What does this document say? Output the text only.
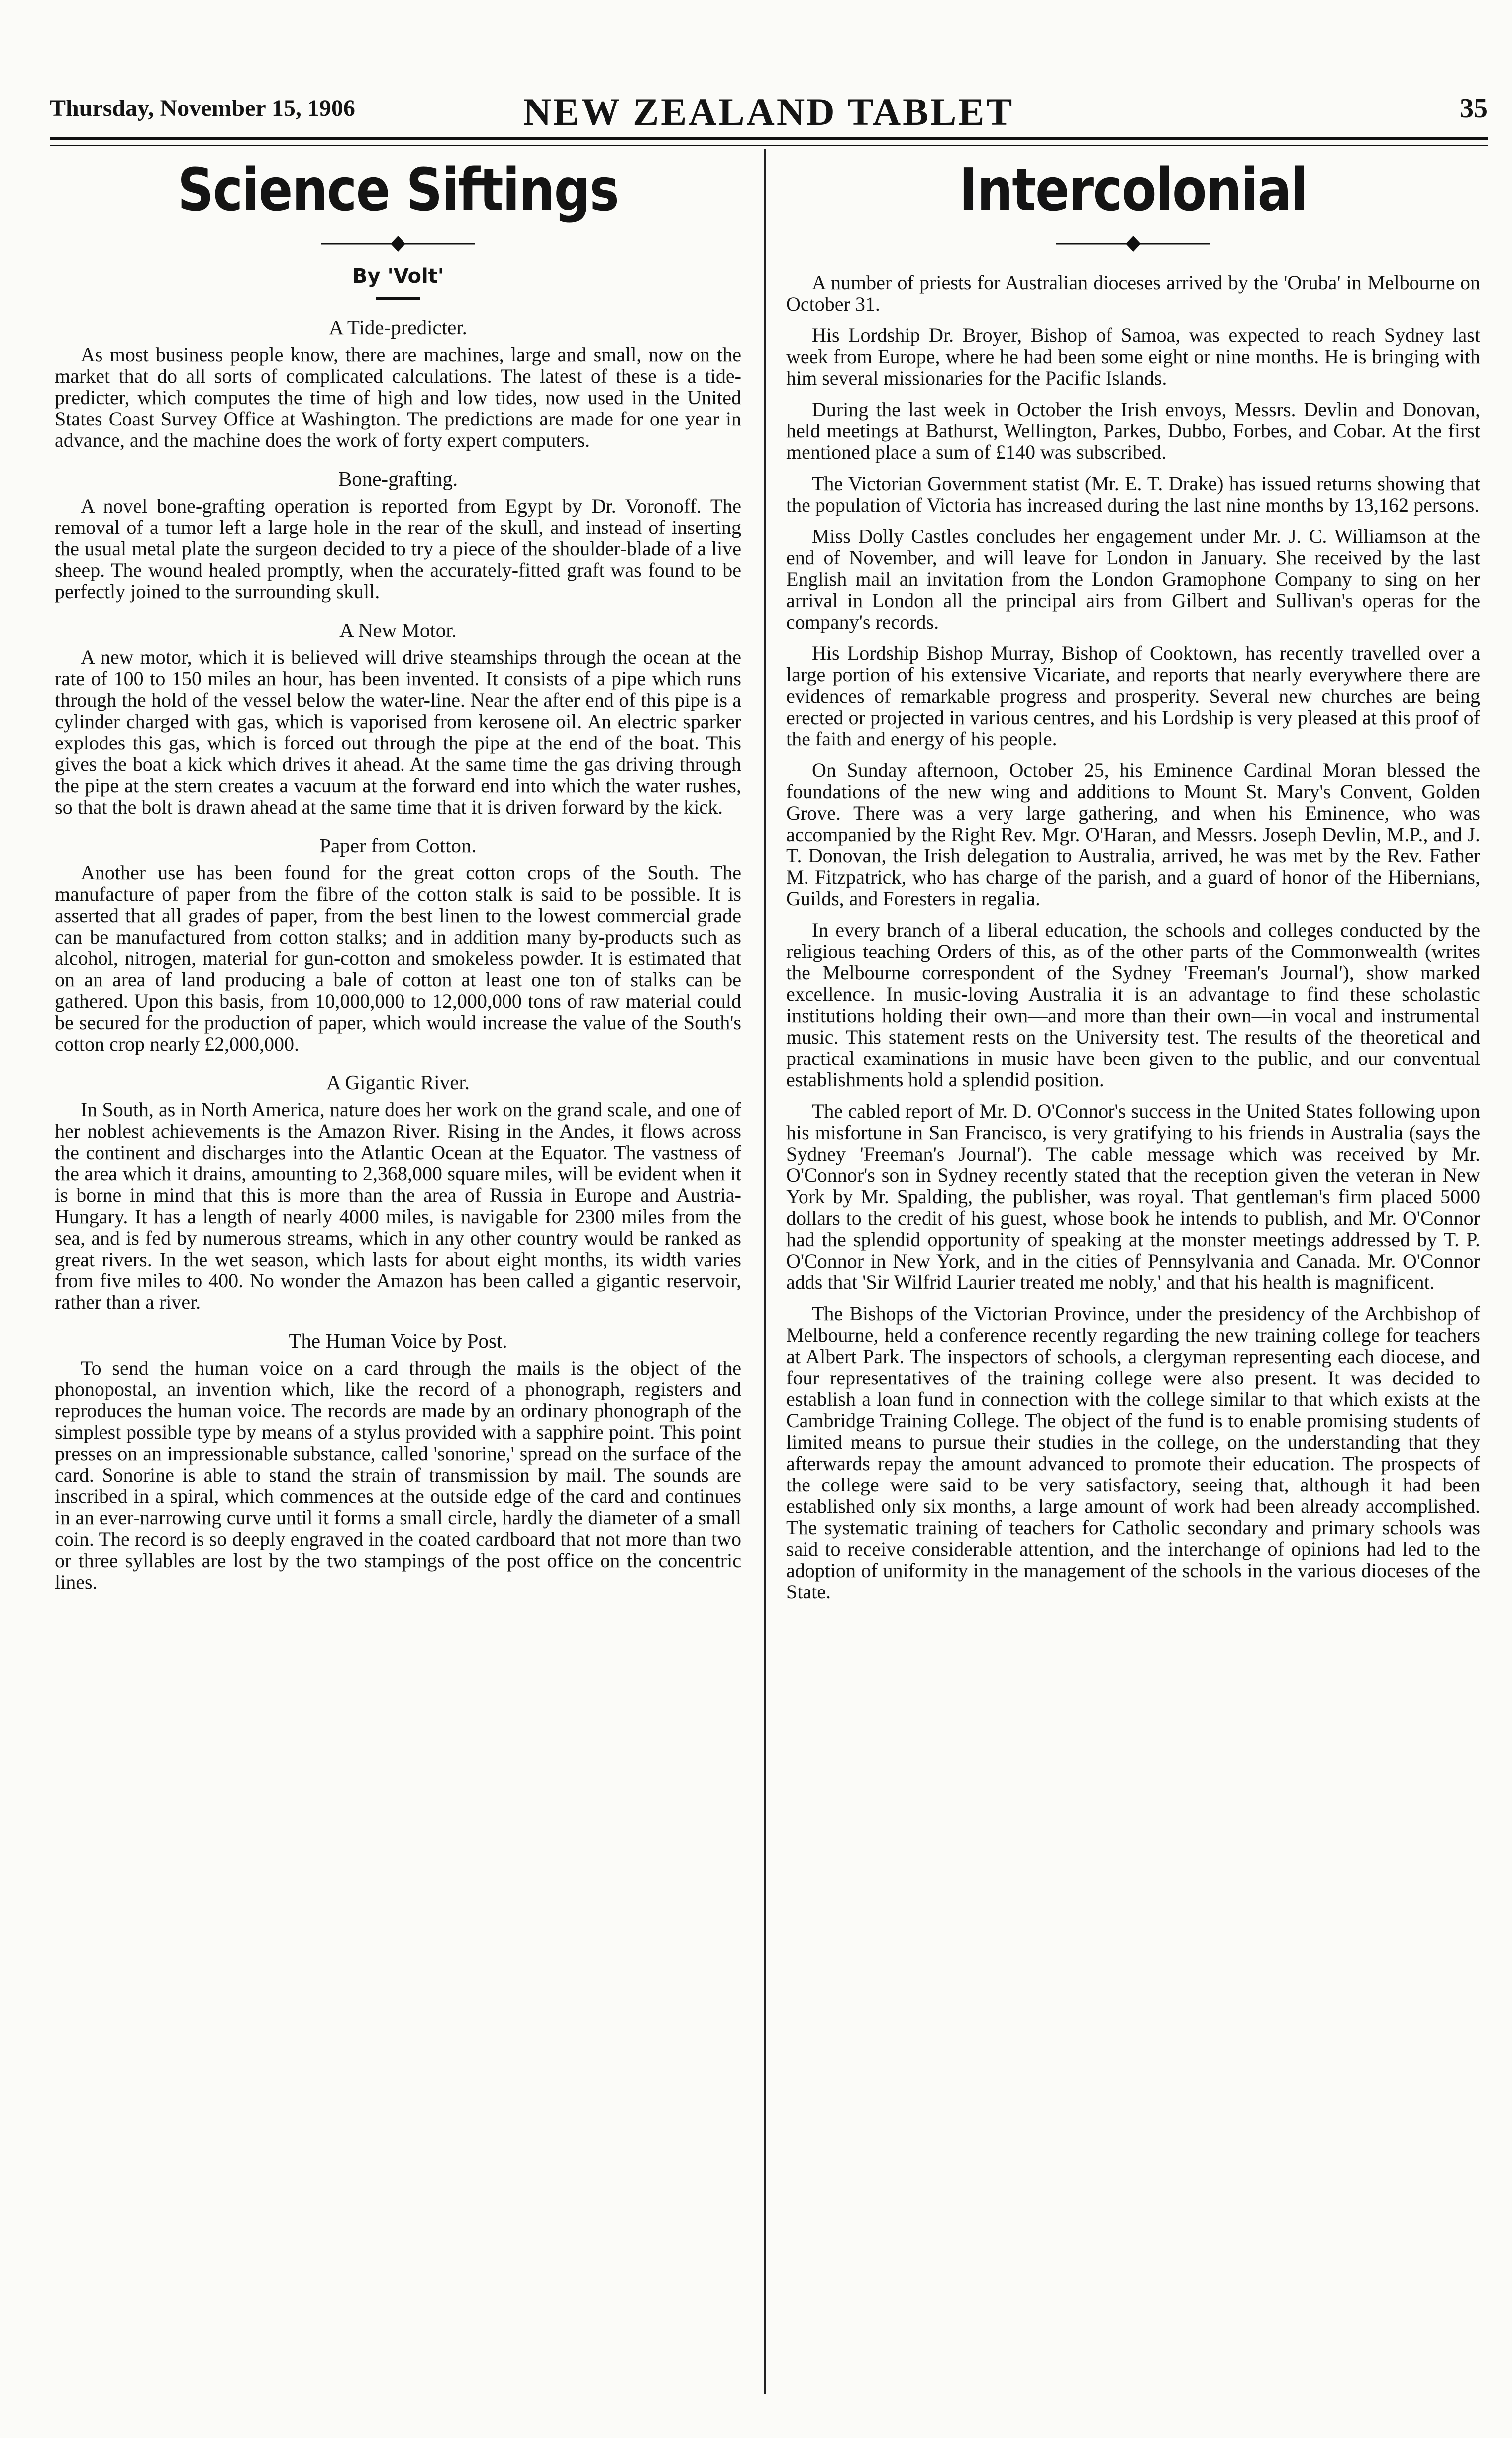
Thursday, November 15, 1906	NEW ZEALAND TABLET	35
Science Siftings
By 'Volt'
A Tide-predicter.

As most business people know, there are machines, large and small, now on the market that do all sorts of complicated calculations. The latest of these is a tide-predicter, which computes the time of high and low tides, now used in the United States Coast Survey Office at Washington. The predictions are made for one year in advance, and the machine does the work of forty expert computers.

Bone-grafting.

A novel bone-grafting operation is reported from Egypt by Dr. Voronoff. The removal of a tumor left a large hole in the rear of the skull, and instead of inserting the usual metal plate the surgeon decided to try a piece of the shoulder-blade of a live sheep. The wound healed promptly, when the accurately-fitted graft was found to be perfectly joined to the surrounding skull.

A New Motor.

A new motor, which it is believed will drive steamships through the ocean at the rate of 100 to 150 miles an hour, has been invented. It consists of a pipe which runs through the hold of the vessel below the water-line. Near the after end of this pipe is a cylinder charged with gas, which is vaporised from kerosene oil. An electric sparker explodes this gas, which is forced out through the pipe at the end of the boat. This gives the boat a kick which drives it ahead. At the same time the gas driving through the pipe at the stern creates a vacuum at the forward end into which the water rushes, so that the bolt is drawn ahead at the same time that it is driven forward by the kick.

Paper from Cotton.

Another use has been found for the great cotton crops of the South. The manufacture of paper from the fibre of the cotton stalk is said to be possible. It is asserted that all grades of paper, from the best linen to the lowest commercial grade can be manufactured from cotton stalks; and in addition many by-products such as alcohol, nitrogen, material for gun-cotton and smokeless powder. It is estimated that on an area of land producing a bale of cotton at least one ton of stalks can be gathered. Upon this basis, from 10,000,000 to 12,000,000 tons of raw material could be secured for the production of paper, which would increase the value of the South's cotton crop nearly £2,000,000.

A Gigantic River.

In South, as in North America, nature does her work on the grand scale, and one of her noblest achievements is the Amazon River. Rising in the Andes, it flows across the continent and discharges into the Atlantic Ocean at the Equator. The vastness of the area which it drains, amounting to 2,368,000 square miles, will be evident when it is borne in mind that this is more than the area of Russia in Europe and Austria-Hungary. It has a length of nearly 4000 miles, is navigable for 2300 miles from the sea, and is fed by numerous streams, which in any other country would be ranked as great rivers. In the wet season, which lasts for about eight months, its width varies from five miles to 400. No wonder the Amazon has been called a gigantic reservoir, rather than a river.

The Human Voice by Post.

To send the human voice on a card through the mails is the object of the phonopostal, an invention which, like the record of a phonograph, registers and reproduces the human voice. The records are made by an ordinary phonograph of the simplest possible type by means of a stylus provided with a sapphire point. This point presses on an impressionable substance, called 'sonorine,' spread on the surface of the card. Sonorine is able to stand the strain of transmission by mail. The sounds are inscribed in a spiral, which commences at the outside edge of the card and continues in an ever-narrowing curve until it forms a small circle, hardly the diameter of a small coin. The record is so deeply engraved in the coated cardboard that not more than two or three syllables are lost by the two stampings of the post office on the concentric lines.

Intercolonial

A number of priests for Australian dioceses arrived by the 'Oruba' in Melbourne on October 31.

His Lordship Dr. Broyer, Bishop of Samoa, was expected to reach Sydney last week from Europe, where he had been some eight or nine months. He is bringing with him several missionaries for the Pacific Islands.

During the last week in October the Irish envoys, Messrs. Devlin and Donovan, held meetings at Bathurst, Wellington, Parkes, Dubbo, Forbes, and Cobar. At the first mentioned place a sum of £140 was subscribed.

The Victorian Government statist (Mr. E. T. Drake) has issued returns showing that the population of Victoria has increased during the last nine months by 13,162 persons.

Miss Dolly Castles concludes her engagement under Mr. J. C. Williamson at the end of November, and will leave for London in January. She received by the last English mail an invitation from the London Gramophone Company to sing on her arrival in London all the principal airs from Gilbert and Sullivan's operas for the company's records.

His Lordship Bishop Murray, Bishop of Cooktown, has recently travelled over a large portion of his extensive Vicariate, and reports that nearly everywhere there are evidences of remarkable progress and prosperity. Several new churches are being erected or projected in various centres, and his Lordship is very pleased at this proof of the faith and energy of his people.

On Sunday afternoon, October 25, his Eminence Cardinal Moran blessed the foundations of the new wing and additions to Mount St. Mary's Convent, Golden Grove. There was a very large gathering, and when his Eminence, who was accompanied by the Right Rev. Mgr. O'Haran, and Messrs. Joseph Devlin, M.P., and J. T. Donovan, the Irish delegation to Australia, arrived, he was met by the Rev. Father M. Fitzpatrick, who has charge of the parish, and a guard of honor of the Hibernians, Guilds, and Foresters in regalia.

In every branch of a liberal education, the schools and colleges conducted by the religious teaching Orders of this, as of the other parts of the Commonwealth (writes the Melbourne correspondent of the Sydney 'Freeman's Journal'), show marked excellence. In music-loving Australia it is an advantage to find these scholastic institutions holding their own—and more than their own—in vocal and instrumental music. This statement rests on the University test. The results of the theoretical and practical examinations in music have been given to the public, and our conventual establishments hold a splendid position.

The cabled report of Mr. D. O'Connor's success in the United States following upon his misfortune in San Francisco, is very gratifying to his friends in Australia (says the Sydney 'Freeman's Journal'). The cable message which was received by Mr. O'Connor's son in Sydney recently stated that the reception given the veteran in New York by Mr. Spalding, the publisher, was royal. That gentleman's firm placed 5000 dollars to the credit of his guest, whose book he intends to publish, and Mr. O'Connor had the splendid opportunity of speaking at the monster meetings addressed by T. P. O'Connor in New York, and in the cities of Pennsylvania and Canada. Mr. O'Connor adds that 'Sir Wilfrid Laurier treated me nobly,' and that his health is magnificent.

The Bishops of the Victorian Province, under the presidency of the Archbishop of Melbourne, held a conference recently regarding the new training college for teachers at Albert Park. The inspectors of schools, a clergyman representing each diocese, and four representatives of the training college were also present. It was decided to establish a loan fund in connection with the college similar to that which exists at the Cambridge Training College. The object of the fund is to enable promising students of limited means to pursue their studies in the college, on the understanding that they afterwards repay the amount advanced to promote their education. The prospects of the college were said to be very satisfactory, seeing that, although it had been established only six months, a large amount of work had been already accomplished. The systematic training of teachers for Catholic secondary and primary schools was said to receive considerable attention, and the interchange of opinions had led to the adoption of uniformity in the management of the schools in the various dioceses of the State.
